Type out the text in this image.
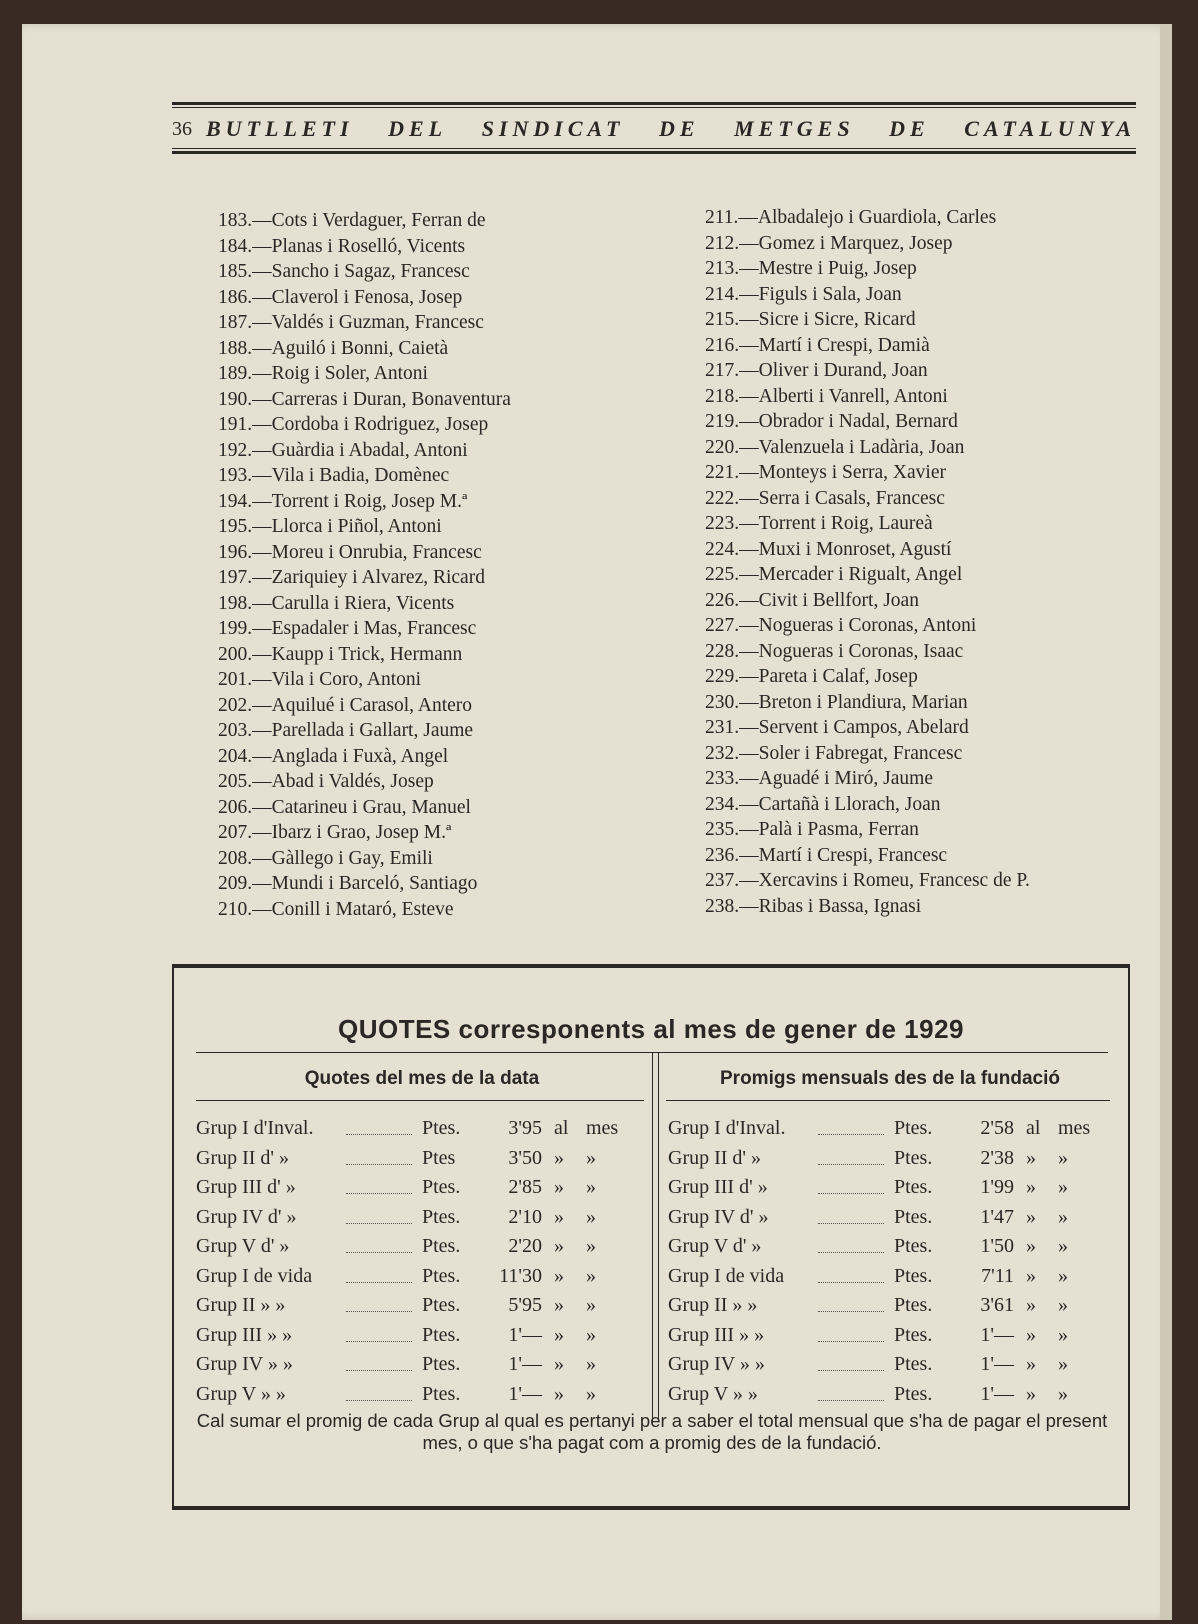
36 BUTLLETI DEL SINDICAT DE METGES DE CATALUNYA
183.—Cots i Verdaguer, Ferran de
184.—Planas i Roselló, Vicents
185.—Sancho i Sagaz, Francesc
186.—Claverol i Fenosa, Josep
187.—Valdés i Guzman, Francesc
188.—Aguiló i Bonni, Caietà
189.—Roig i Soler, Antoni
190.—Carreras i Duran, Bonaventura
191.—Cordoba i Rodriguez, Josep
192.—Guàrdia i Abadal, Antoni
193.—Vila i Badia, Domènec
194.—Torrent i Roig, Josep M.ª
195.—Llorca i Piñol, Antoni
196.—Moreu i Onrubia, Francesc
197.—Zariquiey i Alvarez, Ricard
198.—Carulla i Riera, Vicents
199.—Espadaler i Mas, Francesc
200.—Kaupp i Trick, Hermann
201.—Vila i Coro, Antoni
202.—Aquilué i Carasol, Antero
203.—Parellada i Gallart, Jaume
204.—Anglada i Fuxà, Angel
205.—Abad i Valdés, Josep
206.—Catarineu i Grau, Manuel
207.—Ibarz i Grao, Josep M.ª
208.—Gàllego i Gay, Emili
209.—Mundi i Barceló, Santiago
210.—Conill i Mataró, Esteve
211.—Albadalejo i Guardiola, Carles
212.—Gomez i Marquez, Josep
213.—Mestre i Puig, Josep
214.—Figuls i Sala, Joan
215.—Sicre i Sicre, Ricard
216.—Martí i Crespi, Damià
217.—Oliver i Durand, Joan
218.—Alberti i Vanrell, Antoni
219.—Obrador i Nadal, Bernard
220.—Valenzuela i Ladària, Joan
221.—Monteys i Serra, Xavier
222.—Serra i Casals, Francesc
223.—Torrent i Roig, Laureà
224.—Muxi i Monroset, Agustí
225.—Mercader i Rigualt, Angel
226.—Civit i Bellfort, Joan
227.—Nogueras i Coronas, Antoni
228.—Nogueras i Coronas, Isaac
229.—Pareta i Calaf, Josep
230.—Breton i Plandiura, Marian
231.—Servent i Campos, Abelard
232.—Soler i Fabregat, Francesc
233.—Aguadé i Miró, Jaume
234.—Cartañà i Llorach, Joan
235.—Palà i Pasma, Ferran
236.—Martí i Crespi, Francesc
237.—Xercavins i Romeu, Francesc de P.
238.—Ribas i Bassa, Ignasi
QUOTES corresponents al mes de gener de 1929
Quotes del mes de la data	Promigs mensuals des de la fundació
Grup I d'Inval.	Ptes.	3'95 al mes
Grup II d' »	Ptes	3'50 »	»
Grup III d' »	Ptes.	2'85 »	»
Grup IV d' »	Ptes.	2'10 »	»
Grup V d' »	Ptes.	2'20 »	»
Grup I de vida	Ptes.	11'30 »	»
Grup II » »	Ptes.	5'95 »	»
Grup III » »	Ptes.	1'— »	»
Grup IV » »	Ptes.	1'— »	»
Grup V » »	Ptes.	1'— »	»
Grup I d'Inval.	Ptes.	2'58 al mes
Grup II d' »	Ptes.	2'38 »	»
Grup III d' »	Ptes.	1'99 »	»
Grup IV d' »	Ptes.	1'47 »	»
Grup V d' »	Ptes.	1'50 »	»
Grup I de vida	Ptes.	7'11 »	»
Grup II » »	Ptes.	3'61 »	»
Grup III » »	Ptes.	1'— »	»
Grup IV » »	Ptes.	1'— »	»
Grup V » »	Ptes.	1'— »	»
Cal sumar el promig de cada Grup al qual es pertanyi per a saber el total mensual que s'ha de pagar el present mes, o que s'ha pagat com a promig des de la fundació.
